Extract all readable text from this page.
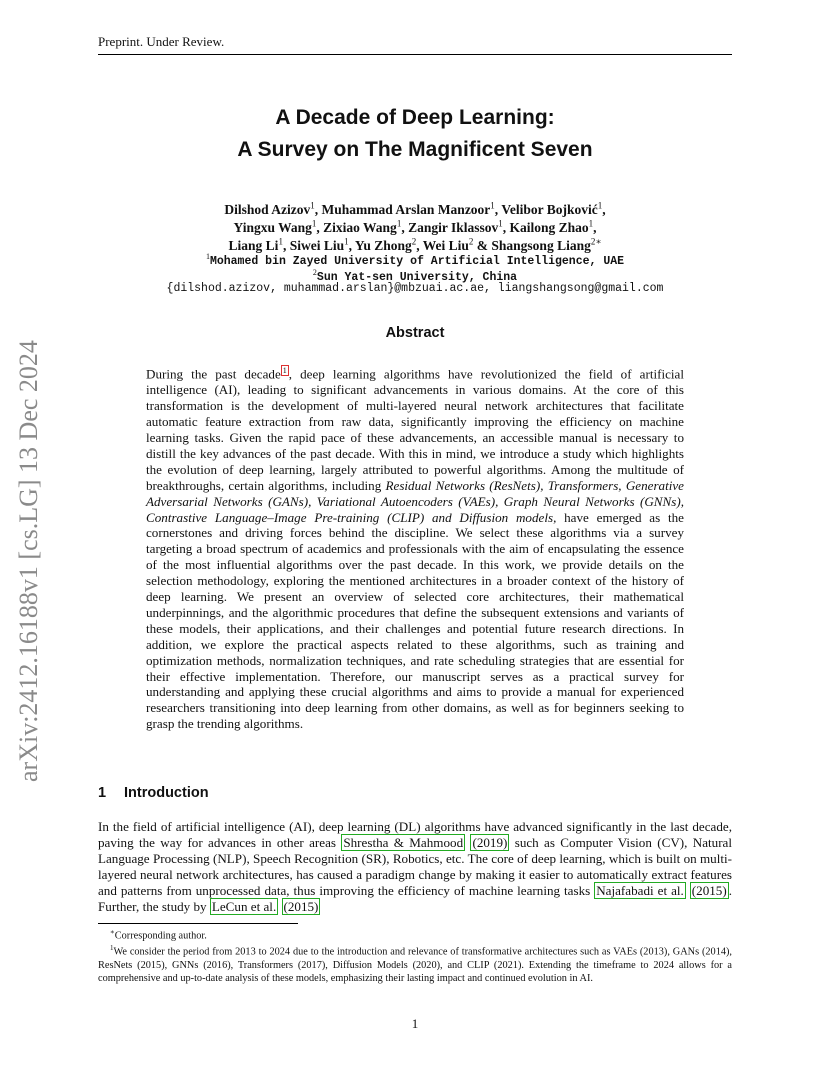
arXiv:2412.16188v1 [cs.LG] 13 Dec 2024
Preprint. Under Review.
A Decade of Deep Learning:
A Survey on The Magnificent Seven
Dilshod Azizov$^1$, Muhammad Arslan Manzoor$^1$, Velibor Bojković$^1$,
Yingxu Wang$^1$, Zixiao Wang$^1$, Zangir Iklassov$^1$, Kailong Zhao$^1$,
Liang Li$^1$, Siwei Liu$^1$, Yu Zhong$^2$, Wei Liu$^2$ & Shangsong Liang$^{2∗}$
$^1$Mohamed bin Zayed University of Artificial Intelligence, UAE
$^2$Sun Yat-sen University, China
{dilshod.azizov, muhammad.arslan}@mbzuai.ac.ae, liangshangsong@gmail.com
Abstract
During the past decade $^1$ , deep learning algorithms have revolutionized the field of artificial intelligence (AI), leading to significant advancements in various domains. At the core of this transformation is the development of multi-layered neural network architectures that facilitate automatic feature extraction from raw data, significantly improving the efficiency on machine learning tasks. Given the rapid pace of these advancements, an accessible manual is necessary to distill the key advances of the past decade. With this in mind, we introduce a study which highlights the evolution of deep learning, largely attributed to powerful algorithms. Among the multitude of breakthroughs, certain algorithms, including Residual Networks (ResNets), Transformers, Generative Adversarial Networks (GANs), Variational Autoencoders (VAEs), Graph Neural Networks (GNNs), Contrastive Language–Image Pre-training (CLIP) and Diffusion models, have emerged as the cornerstones and driving forces behind the discipline. We select these algorithms via a survey targeting a broad spectrum of academics and professionals with the aim of encapsulating the essence of the most influential algorithms over the past decade. In this work, we provide details on the selection methodology, exploring the mentioned architectures in a broader context of the history of deep learning. We present an overview of selected core architectures, their mathematical underpinnings, and the algorithmic procedures that define the subsequent extensions and variants of these models, their applications, and their challenges and potential future research directions. In addition, we explore the practical aspects related to these algorithms, such as training and optimization methods, normalization techniques, and rate scheduling strategies that are essential for their effective implementation. Therefore, our manuscript serves as a practical survey for understanding and applying these crucial algorithms and aims to provide a manual for experienced researchers transitioning into deep learning from other domains, as well as for beginners seeking to grasp the trending algorithms.
1 Introduction
In the field of artificial intelligence (AI), deep learning (DL) algorithms have advanced significantly in the last decade, paving the way for advances in other areas Shrestha & Mahmood (2019) such as Computer Vision (CV), Natural Language Processing (NLP), Speech Recognition (SR), Robotics, etc. The core of deep learning, which is built on multi-layered neural network architectures, has caused a paradigm change by making it easier to automatically extract features and patterns from unprocessed data, thus improving the efficiency of machine learning tasks Najafabadi et al. (2015) . Further, the study by LeCun et al. (2015)

∗Corresponding author.

$^1$We consider the period from 2013 to 2024 due to the introduction and relevance of transformative architectures such as VAEs (2013), GANs (2014), ResNets (2015), GNNs (2016), Transformers (2017), Diffusion Models (2020), and CLIP (2021). Extending the timeframe to 2024 allows for a comprehensive and up-to-date analysis of these models, emphasizing their lasting impact and continued evolution in AI.

1
